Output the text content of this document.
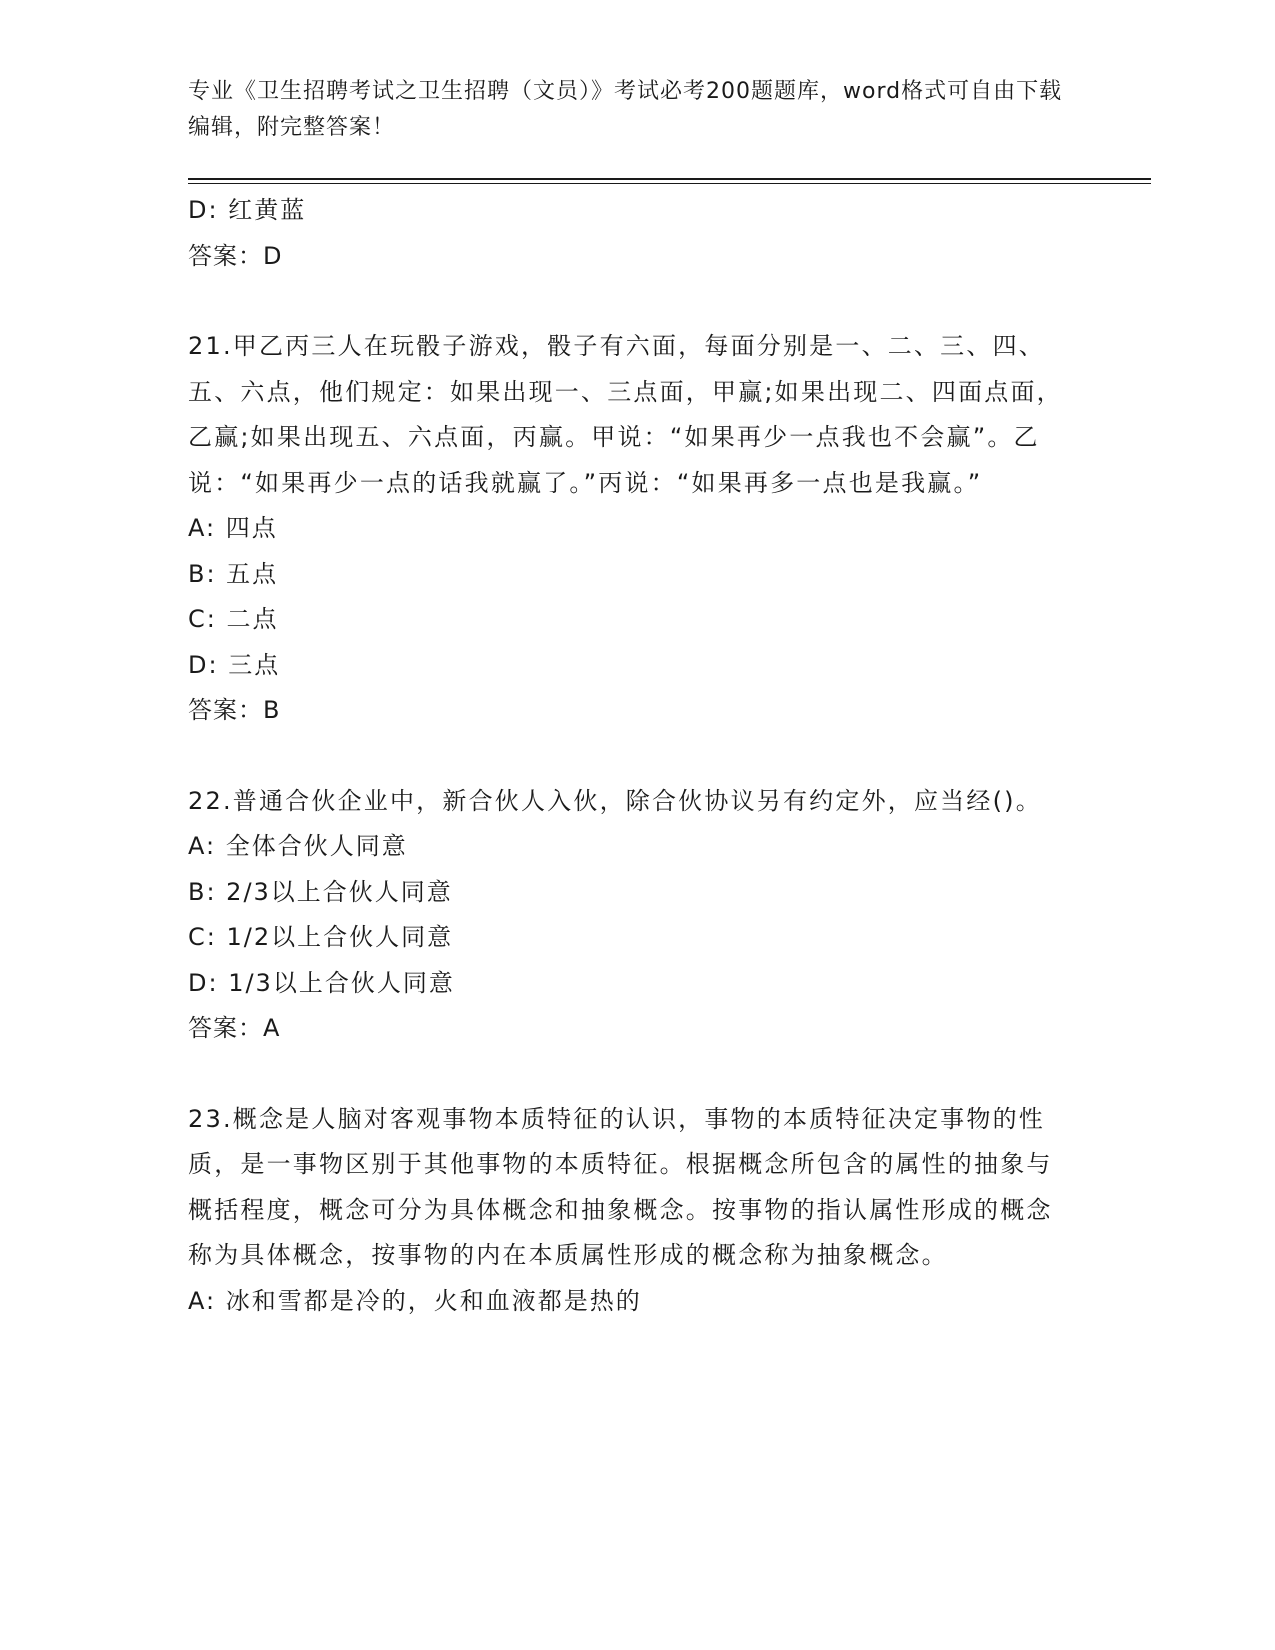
专业《卫生招聘考试之卫生招聘（文员）》考试必考200题题库，word格式可自由下载编辑，附完整答案！
D: 红黄蓝
答案：D
21.甲乙丙三人在玩骰子游戏，骰子有六面，每面分别是一、二、三、四、五、六点，他们规定：如果出现一、三点面，甲赢;如果出现二、四面点面，乙赢;如果出现五、六点面，丙赢。甲说：“如果再少一点我也不会赢”。乙说：“如果再少一点的话我就赢了。”丙说：“如果再多一点也是我赢。”
A: 四点
B: 五点
C: 二点
D: 三点
答案：B
22.普通合伙企业中，新合伙人入伙，除合伙协议另有约定外，应当经()。
A: 全体合伙人同意
B: 2/3以上合伙人同意
C: 1/2以上合伙人同意
D: 1/3以上合伙人同意
答案：A
23.概念是人脑对客观事物本质特征的认识，事物的本质特征决定事物的性质，是一事物区别于其他事物的本质特征。根据概念所包含的属性的抽象与概括程度，概念可分为具体概念和抽象概念。按事物的指认属性形成的概念称为具体概念，按事物的内在本质属性形成的概念称为抽象概念。
A: 冰和雪都是冷的，火和血液都是热的
